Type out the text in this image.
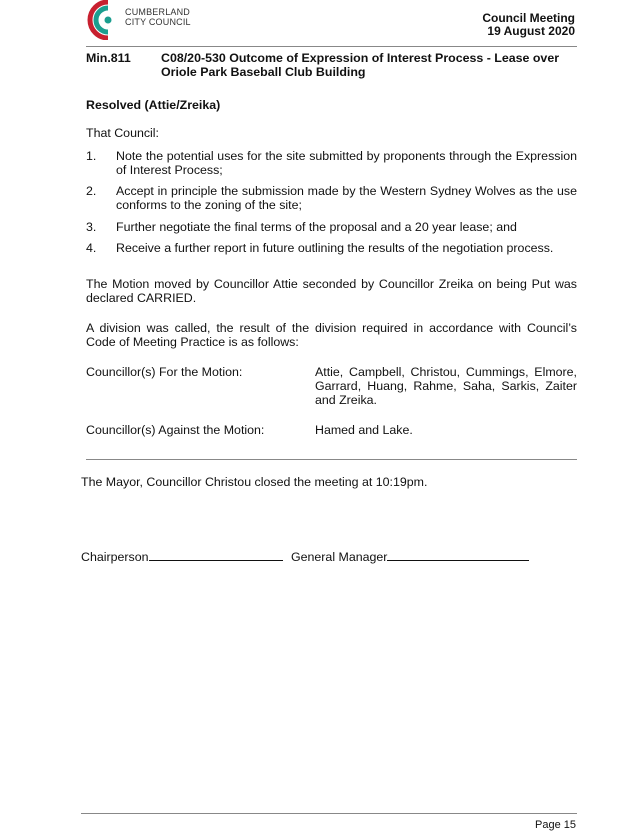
CUMBERLAND
CITY COUNCIL	Council Meeting
19 August 2020
Min.811 C08/20-530 Outcome of Expression of Interest Process - Lease over Oriole Park Baseball Club Building
Resolved (Attie/Zreika)
That Council:
1. Note the potential uses for the site submitted by proponents through the Expression of Interest Process;
2. Accept in principle the submission made by the Western Sydney Wolves as the use conforms to the zoning of the site;
3. Further negotiate the final terms of the proposal and a 20 year lease; and
4. Receive a further report in future outlining the results of the negotiation process.
The Motion moved by Councillor Attie seconded by Councillor Zreika on being Put was declared CARRIED.
A division was called, the result of the division required in accordance with Council’s Code of Meeting Practice is as follows:
Councillor(s) For the Motion:	Attie, Campbell, Christou, Cummings, Elmore, Garrard, Huang, Rahme, Saha, Sarkis, Zaiter and Zreika.
Councillor(s) Against the Motion:	Hamed and Lake.
The Mayor, Councillor Christou closed the meeting at 10:19pm.
Chairperson	General Manager
Page 15
